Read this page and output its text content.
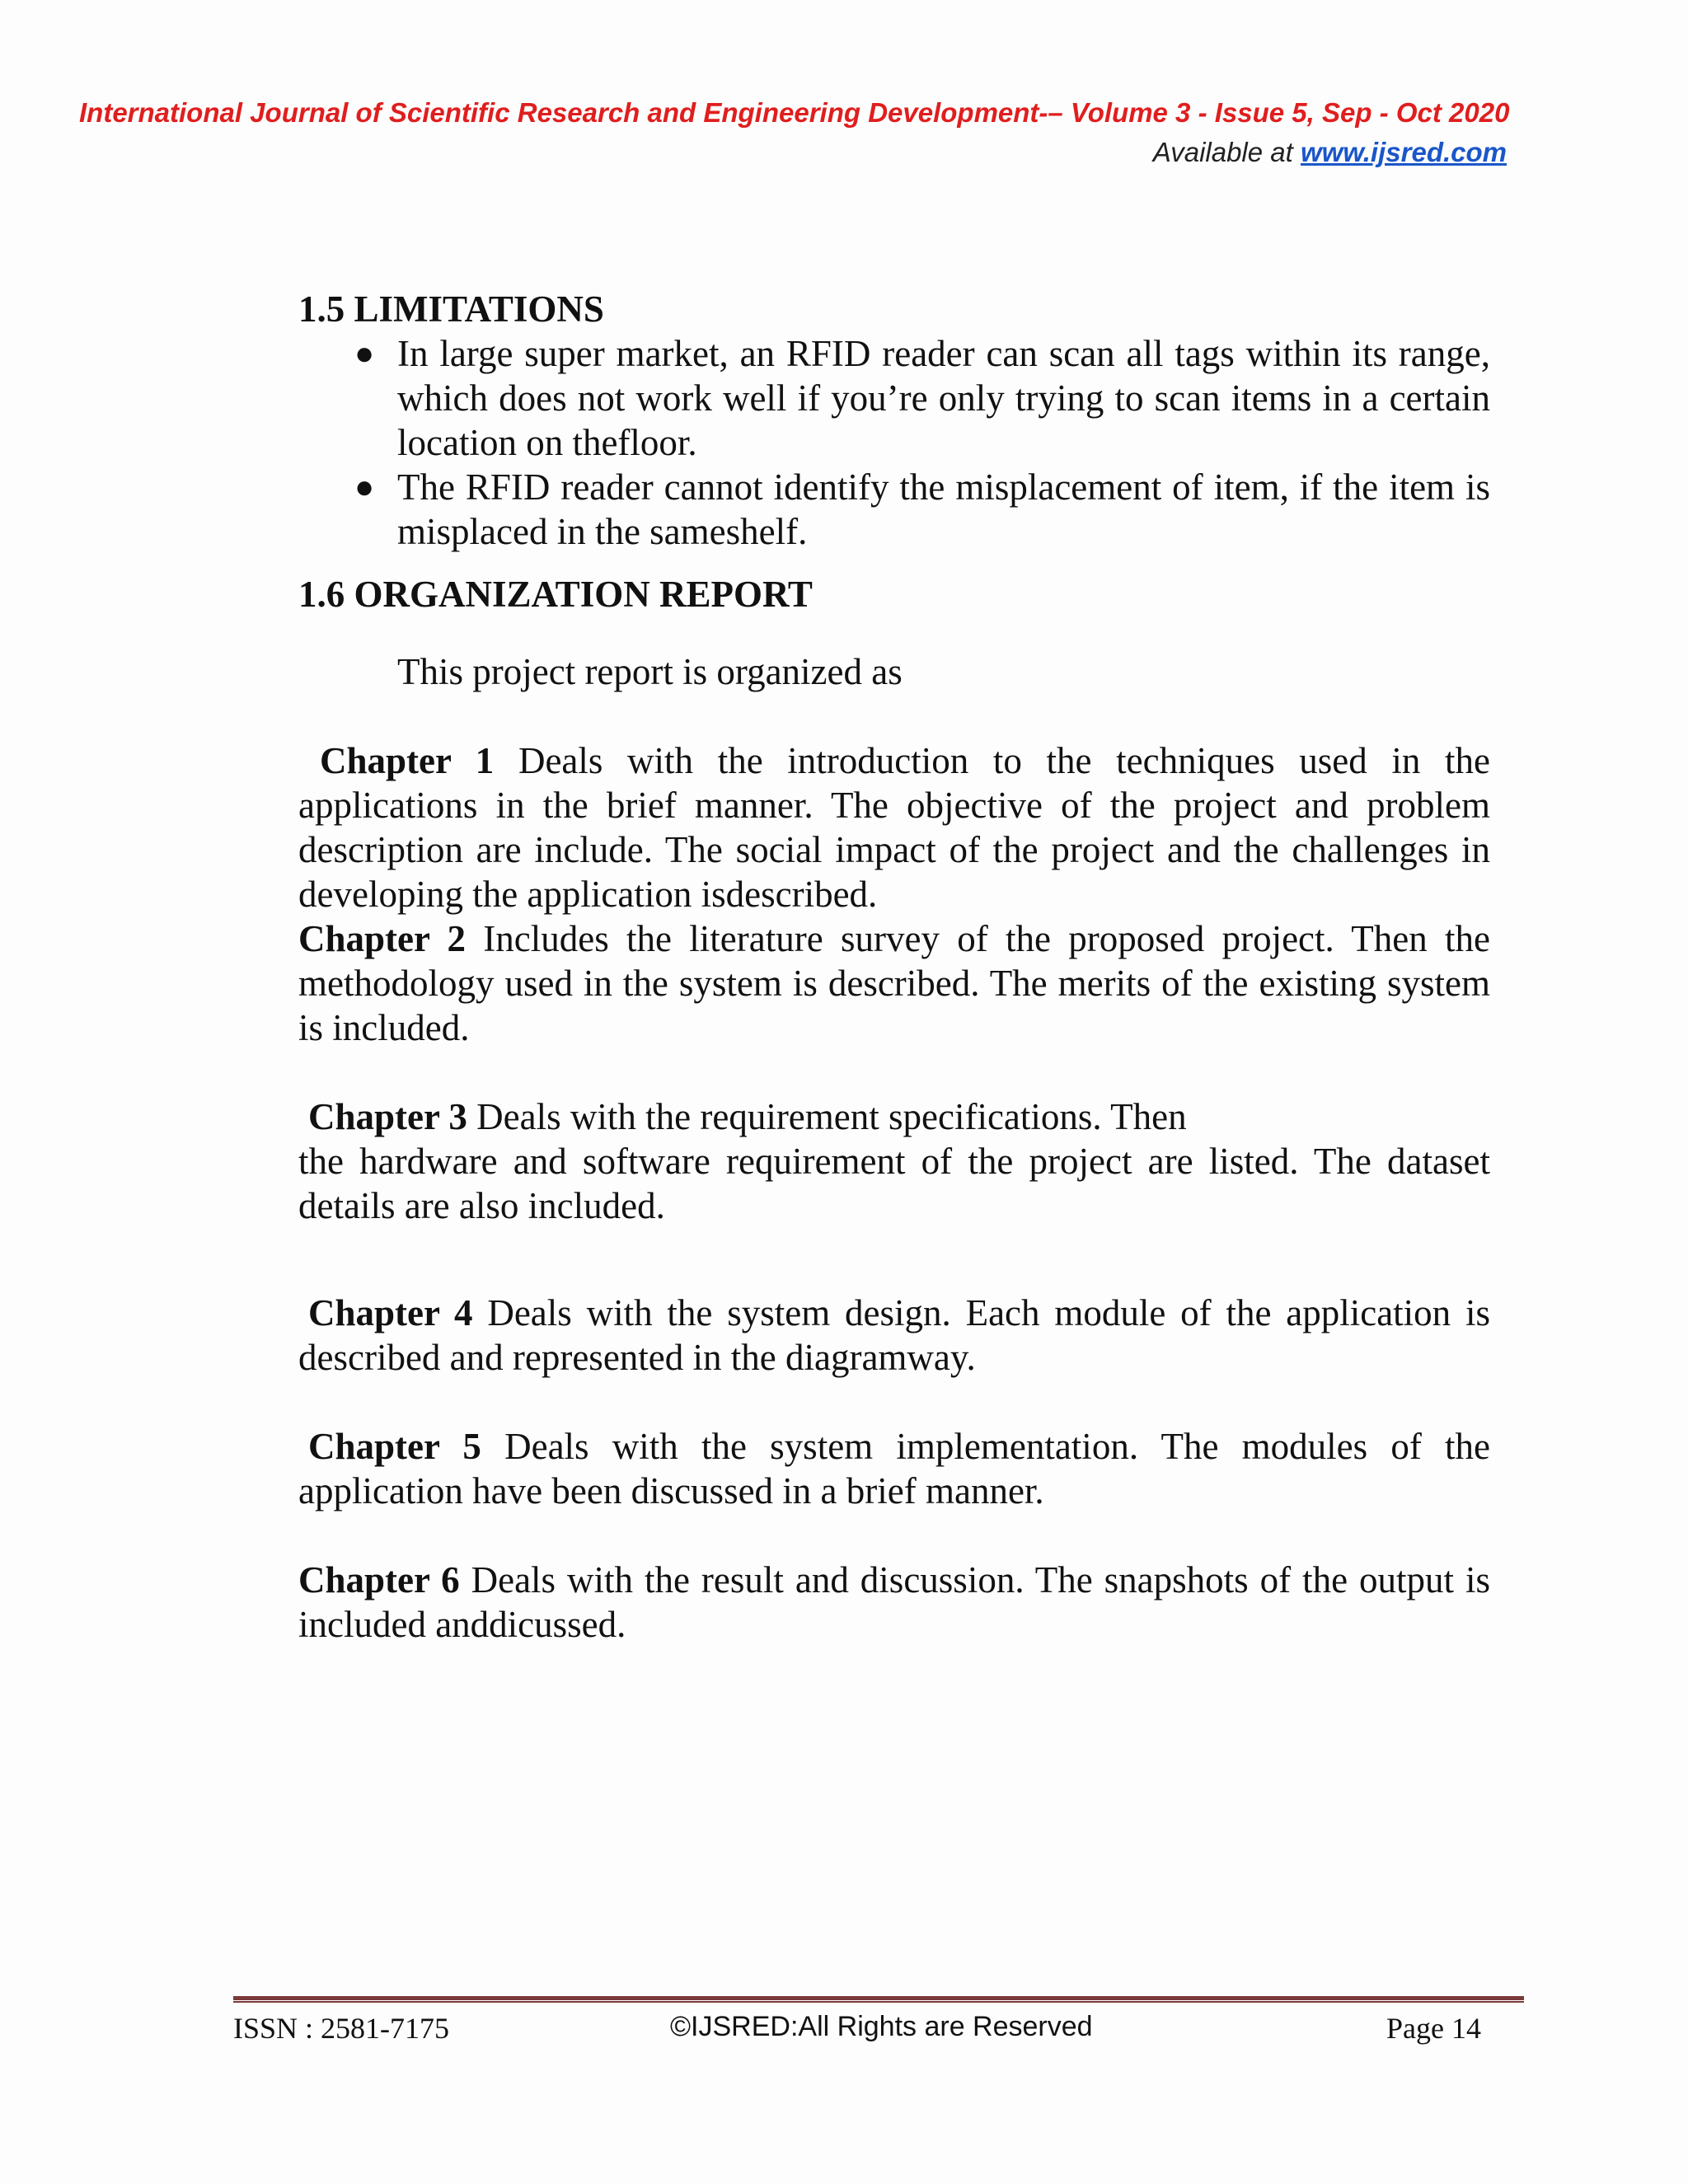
International Journal of Scientific Research and Engineering Development-– Volume 3 - Issue 5, Sep - Oct 2020
Available at www.ijsred.com
1.5 LIMITATIONS
● In large super market, an RFID reader can scan all tags within its range, which does not work well if you’re only trying to scan items in a certain location on thefloor.
● The RFID reader cannot identify the misplacement of item, if the item is misplaced in the sameshelf.
1.6 ORGANIZATION REPORT

This project report is organized as

Chapter 1 Deals with the introduction to the techniques used in the applications in the brief manner. The objective of the project and problem description are include. The social impact of the project and the challenges in developing the application isdescribed.

Chapter 2 Includes the literature survey of the proposed project. Then the methodology used in the system is described. The merits of the existing system is included.

Chapter 3 Deals with the requirement specifications. Then

the hardware and software requirement of the project are listed. The dataset details are also included.

Chapter 4 Deals with the system design. Each module of the application is described and represented in the diagramway.

Chapter 5 Deals with the system implementation. The modules of the application have been discussed in a brief manner.

Chapter 6 Deals with the result and discussion. The snapshots of the output is included anddicussed.

ISSN : 2581-7175	©IJSRED:All Rights are Reserved	Page 14
